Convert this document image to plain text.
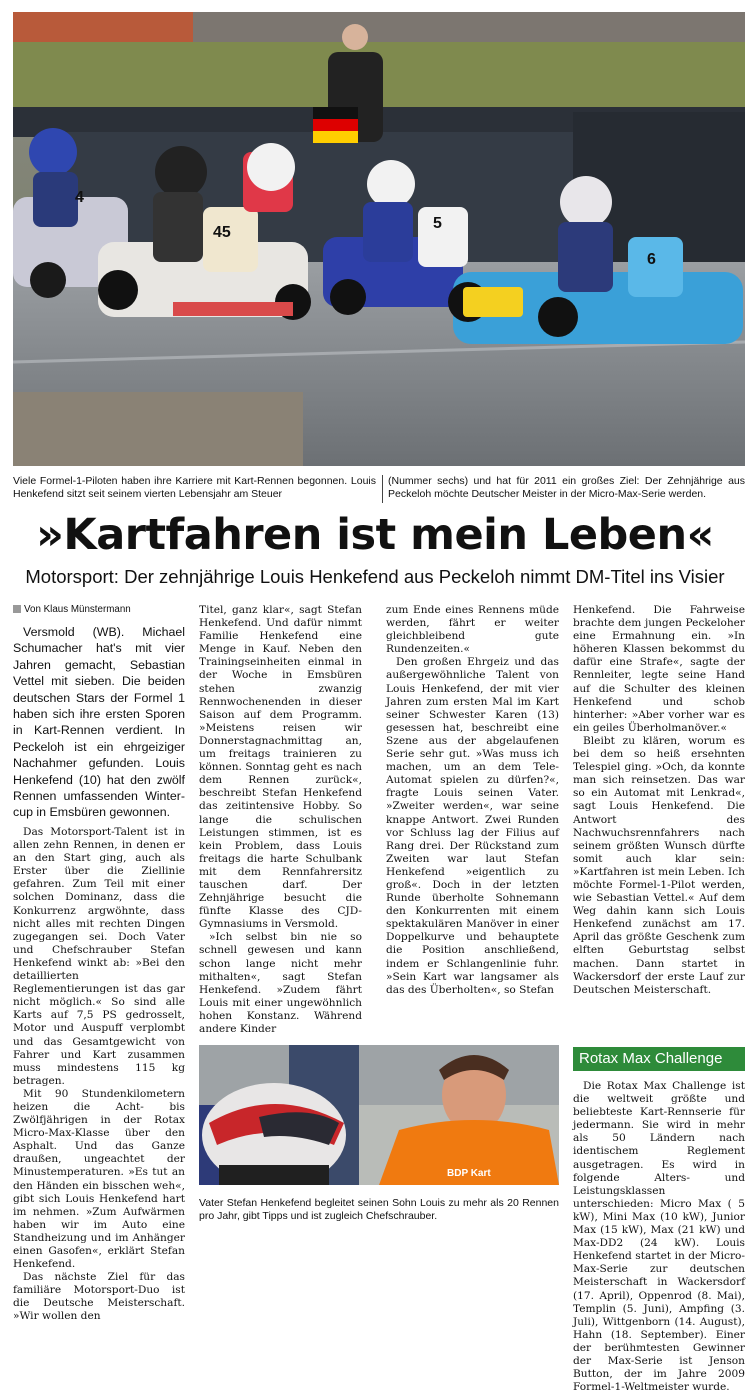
4
45
5
6
Viele Formel-1-Piloten haben ihre Karriere mit Kart-Rennen begonnen. Louis Henkefend sitzt seit seinem vierten Lebensjahr am Steuer
(Nummer sechs) und hat für 2011 ein großes Ziel: Der Zehnjährige aus Peckeloh möchte Deutscher Meister in der Micro-Max-Serie werden.
»Kartfahren ist mein Leben«
Motorsport: Der zehnjährige Louis Henkefend aus Peckeloh nimmt DM-Titel ins Visier
Von Klaus Münstermann
Versmold (WB). Michael Schumacher hat's mit vier Jahren gemacht, Sebastian Vettel mit sieben. Die beiden deutschen Stars der Formel 1 haben sich ihre ersten Sporen in Kart-Rennen verdient. In Peckeloh ist ein ehrgeiziger Nachahmer gefunden. Louis Henkefend (10) hat den zwölf Rennen umfassenden Winter-cup in Emsbüren gewonnen.

Das Motorsport-Talent ist in allen zehn Rennen, in denen er an den Start ging, auch als Erster über die Ziellinie gefahren. Zum Teil mit einer solchen Dominanz, dass die Konkurrenz argwöhnte, dass nicht alles mit rechten Dingen zugegangen sei. Doch Vater und Chefschrauber Stefan Henkefend winkt ab: »Bei den detaillierten Reglementierungen ist das gar nicht möglich.« So sind alle Karts auf 7,5 PS gedrosselt, Motor und Auspuff verplombt und das Gesamtgewicht von Fahrer und Kart zusammen muss mindestens 115 kg betragen.

Mit 90 Stundenkilometern heizen die Acht- bis Zwölfjährigen in der Rotax Micro-Max-Klasse über den Asphalt. Und das Ganze draußen, ungeachtet der Minustemperaturen. »Es tut an den Händen ein bisschen weh«, gibt sich Louis Henkefend hart im nehmen. »Zum Aufwärmen haben wir im Auto eine Standheizung und im Anhänger einen Gasofen«, erklärt Stefan Henkefend.

Das nächste Ziel für das familiäre Motorsport-Duo ist die Deutsche Meisterschaft. »Wir wollen den

Titel, ganz klar«, sagt Stefan Henkefend. Und dafür nimmt Familie Henkefend eine Menge in Kauf. Neben den Trainingseinheiten einmal in der Woche in Emsbüren stehen zwanzig Rennwochenenden in dieser Saison auf dem Programm. »Meistens reisen wir Donnerstagnachmittag an, um freitags trainieren zu können. Sonntag geht es nach dem Rennen zurück«, beschreibt Stefan Henkefend das zeitintensive Hobby. So lange die schulischen Leistungen stimmen, ist es kein Problem, dass Louis freitags die harte Schulbank mit dem Rennfahrersitz tauschen darf. Der Zehnjährige besucht die fünfte Klasse des CJD-Gymnasiums in Versmold.

»Ich selbst bin nie so schnell gewesen und kann schon lange nicht mehr mithalten«, sagt Stefan Henkefend. »Zudem fährt Louis mit einer ungewöhnlich hohen Konstanz. Während andere Kinder

zum Ende eines Rennens müde werden, fährt er weiter gleichbleibend gute Rundenzeiten.«

Den großen Ehrgeiz und das außergewöhnliche Talent von Louis Henkefend, der mit vier Jahren zum ersten Mal im Kart seiner Schwester Karen (13) gesessen hat, beschreibt eine Szene aus der abgelaufenen Serie sehr gut. »Was muss ich machen, um an dem Tele-Automat spielen zu dürfen?«, fragte Louis seinen Vater. »Zweiter werden«, war seine knappe Antwort. Zwei Runden vor Schluss lag der Filius auf Rang drei. Der Rückstand zum Zweiten war laut Stefan Henkefend »eigentlich zu groß«. Doch in der letzten Runde überholte Sohnemann den Konkurrenten mit einem spektakulären Manöver in einer Doppelkurve und behauptete die Position anschließend, indem er Schlangenlinie fuhr. »Sein Kart war langsamer als das des Überholten«, so Stefan

Henkefend. Die Fahrweise brachte dem jungen Peckeloher eine Ermahnung ein. »In höheren Klassen bekommst du dafür eine Strafe«, sagte der Rennleiter, legte seine Hand auf die Schulter des kleinen Henkefend und schob hinterher: »Aber vorher war es ein geiles Überholmanöver.«

Bleibt zu klären, worum es bei dem so heiß ersehnten Telespiel ging. »Och, da konnte man sich reinsetzen. Das war so ein Automat mit Lenkrad«, sagt Louis Henkefend. Die Antwort des Nachwuchsrennfahrers nach seinem größten Wunsch dürfte somit auch klar sein: »Kartfahren ist mein Leben. Ich möchte Formel-1-Pilot werden, wie Sebastian Vettel.« Auf dem Weg dahin kann sich Louis Henkefend zunächst am 17. April das größte Geschenk zum elften Geburtstag selbst machen. Dann startet in Wackersdorf der erste Lauf zur Deutschen Meisterschaft.

BDP Kart
Vater Stefan Henkefend begleitet seinen Sohn Louis zu mehr als 20 Rennen pro Jahr, gibt Tipps und ist zugleich Chefschrauber.
Rotax Max Challenge
Die Rotax Max Challenge ist die weltweit größte und beliebteste Kart-Rennserie für jedermann. Sie wird in mehr als 50 Ländern nach identischem Reglement ausgetragen. Es wird in folgende Alters- und Leistungsklassen unterschieden: Micro Max ( 5 kW), Mini Max (10 kW), Junior Max (15 kW), Max (21 kW) und Max-DD2 (24 kW). Louis Henkefend startet in der Micro-Max-Serie zur deutschen Meisterschaft in Wackersdorf (17. April), Oppenrod (8. Mai), Templin (5. Juni), Ampfing (3. Juli), Wittgenborn (14. August), Hahn (18. September). Einer der berühmtesten Gewinner der Max-Serie ist Jenson Button, der im Jahre 2009 Formel-1-Weltmeister wurde.
